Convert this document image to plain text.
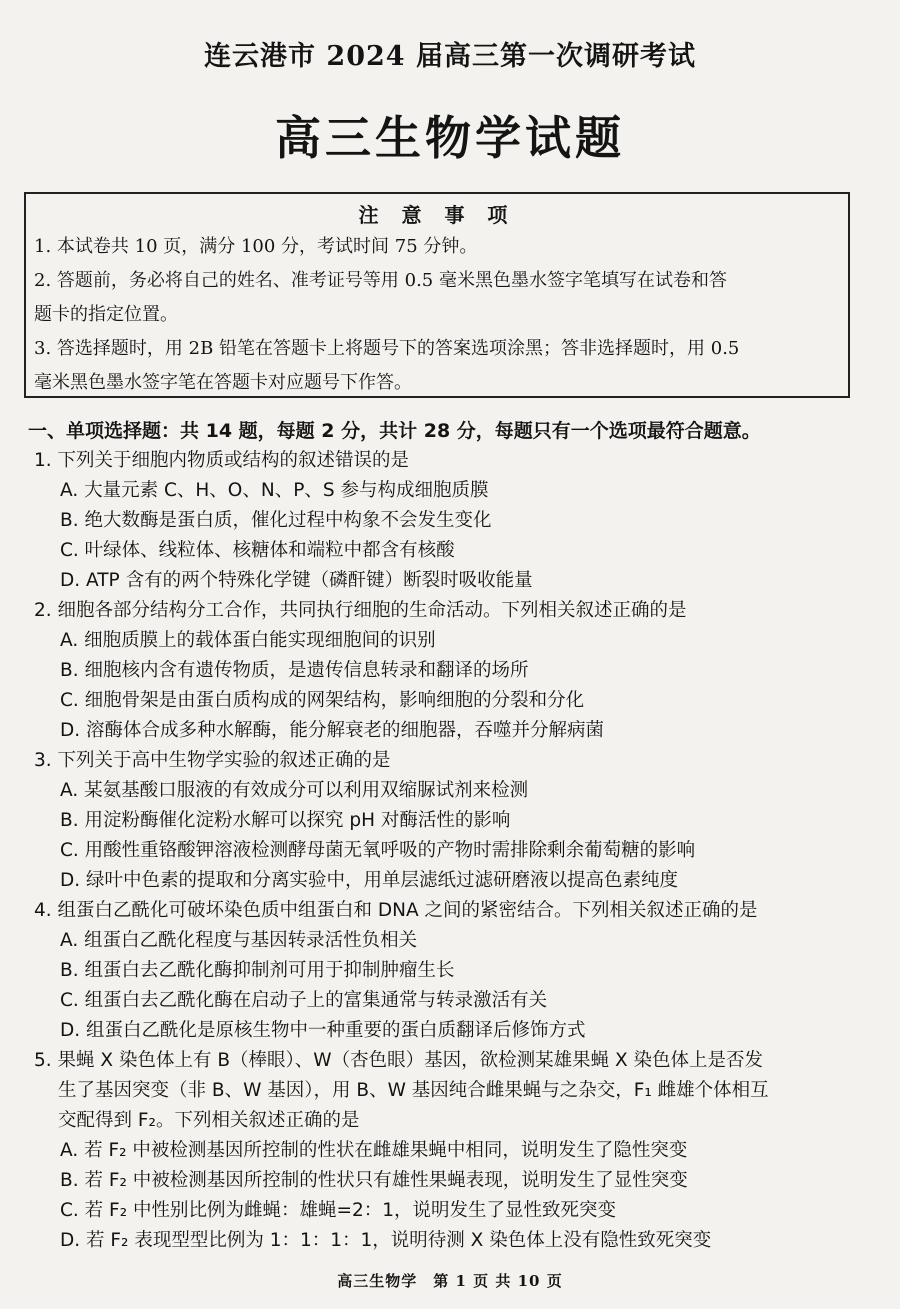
连云港市 2024 届高三第一次调研考试
高三生物学试题
注 意 事 项
1. 本试卷共 10 页，满分 100 分，考试时间 75 分钟。
2. 答题前，务必将自己的姓名、准考证号等用 0.5 毫米黑色墨水签字笔填写在试卷和答
题卡的指定位置。
3. 答选择题时，用 2B 铅笔在答题卡上将题号下的答案选项涂黑；答非选择题时，用 0.5
毫米黑色墨水签字笔在答题卡对应题号下作答。
一、单项选择题：共 14 题，每题 2 分，共计 28 分，每题只有一个选项最符合题意。
1. 下列关于细胞内物质或结构的叙述错误的是
A. 大量元素 C、H、O、N、P、S 参与构成细胞质膜
B. 绝大数酶是蛋白质，催化过程中构象不会发生变化
C. 叶绿体、线粒体、核糖体和端粒中都含有核酸
D. ATP 含有的两个特殊化学键（磷酐键）断裂时吸收能量
2. 细胞各部分结构分工合作，共同执行细胞的生命活动。下列相关叙述正确的是
A. 细胞质膜上的载体蛋白能实现细胞间的识别
B. 细胞核内含有遗传物质，是遗传信息转录和翻译的场所
C. 细胞骨架是由蛋白质构成的网架结构，影响细胞的分裂和分化
D. 溶酶体合成多种水解酶，能分解衰老的细胞器，吞噬并分解病菌
3. 下列关于高中生物学实验的叙述正确的是
A. 某氨基酸口服液的有效成分可以利用双缩脲试剂来检测
B. 用淀粉酶催化淀粉水解可以探究 pH 对酶活性的影响
C. 用酸性重铬酸钾溶液检测酵母菌无氧呼吸的产物时需排除剩余葡萄糖的影响
D. 绿叶中色素的提取和分离实验中，用单层滤纸过滤研磨液以提高色素纯度
4. 组蛋白乙酰化可破坏染色质中组蛋白和 DNA 之间的紧密结合。下列相关叙述正确的是
A. 组蛋白乙酰化程度与基因转录活性负相关
B. 组蛋白去乙酰化酶抑制剂可用于抑制肿瘤生长
C. 组蛋白去乙酰化酶在启动子上的富集通常与转录激活有关
D. 组蛋白乙酰化是原核生物中一种重要的蛋白质翻译后修饰方式
5. 果蝇 X 染色体上有 B（棒眼）、W（杏色眼）基因，欲检测某雄果蝇 X 染色体上是否发
生了基因突变（非 B、W 基因），用 B、W 基因纯合雌果蝇与之杂交，F₁ 雌雄个体相互
交配得到 F₂。下列相关叙述正确的是
A. 若 F₂ 中被检测基因所控制的性状在雌雄果蝇中相同，说明发生了隐性突变
B. 若 F₂ 中被检测基因所控制的性状只有雄性果蝇表现，说明发生了显性突变
C. 若 F₂ 中性别比例为雌蝇：雄蝇=2：1，说明发生了显性致死突变
D. 若 F₂ 表现型型比例为 1：1：1：1，说明待测 X 染色体上没有隐性致死突变
高三生物学　第 1 页 共 10 页
